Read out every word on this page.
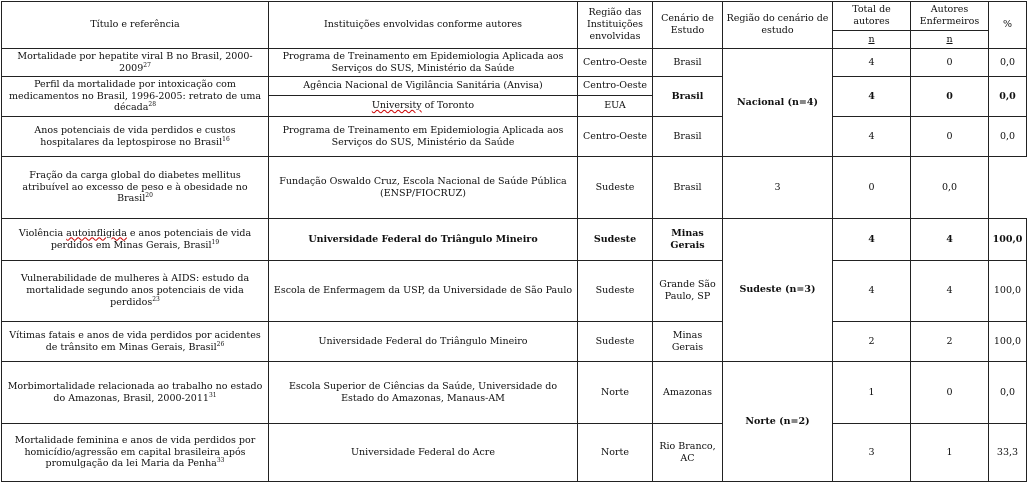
Título e referência	Instituições envolvidas conforme autores	Região das Instituições envolvidas	Cenário de Estudo	Região do cenário de estudo	Total de autores	Autores Enfermeiros	%
					n	n	
Mortalidade por hepatite viral B no Brasil, 2000-2009$^{27}$	Programa de Treinamento em Epidemiologia Aplicada aos Serviços do SUS, Ministério da Saúde	Centro-Oeste	Brasil	Nacional (n=4)	4	0	0,0
Perfil da mortalidade por intoxicação com medicamentos no Brasil, 1996-2005: retrato de uma década$^{28}$	Agência Nacional de Vigilância Sanitária (Anvisa)	Centro-Oeste	Brasil		4	0	0,0
	University of Toronto	EUA					
Anos potenciais de vida perdidos e custos hospitalares da leptospirose no Brasil$^{16}$	Programa de Treinamento em Epidemiologia Aplicada aos Serviços do SUS, Ministério da Saúde	Centro-Oeste	Brasil		4	0	0,0
Fração da carga global do diabetes mellitus atribuível ao excesso de peso e à obesidade no Brasil$^{20}$	Fundação Oswaldo Cruz, Escola Nacional de Saúde Pública (ENSP/FIOCRUZ)	Sudeste	Brasil	3	0	0,0	
Violência autoinfligida e anos potenciais de vida perdidos em Minas Gerais, Brasil$^{19}$	Universidade Federal do Triângulo Mineiro	Sudeste	Minas Gerais	Sudeste (n=3)	4	4	100,0
Vulnerabilidade de mulheres à AIDS: estudo da mortalidade segundo anos potenciais de vida perdidos$^{23}$	Escola de Enfermagem da USP, da Universidade de São Paulo	Sudeste	Grande São Paulo, SP		4	4	100,0
Vítimas fatais e anos de vida perdidos por acidentes de trânsito em Minas Gerais, Brasil$^{26}$	Universidade Federal do Triângulo Mineiro	Sudeste	Minas Gerais		2	2	100,0
Morbimortalidade relacionada ao trabalho no estado do Amazonas, Brasil, 2000-2011$^{31}$	Escola Superior de Ciências da Saúde, Universidade do Estado do Amazonas, Manaus-AM	Norte	Amazonas	Norte (n=2)	1	0	0,0
Mortalidade feminina e anos de vida perdidos por homicídio/agressão em capital brasileira após promulgação da lei Maria da Penha$^{33}$	Universidade Federal do Acre	Norte	Rio Branco, AC		3	1	33,3
